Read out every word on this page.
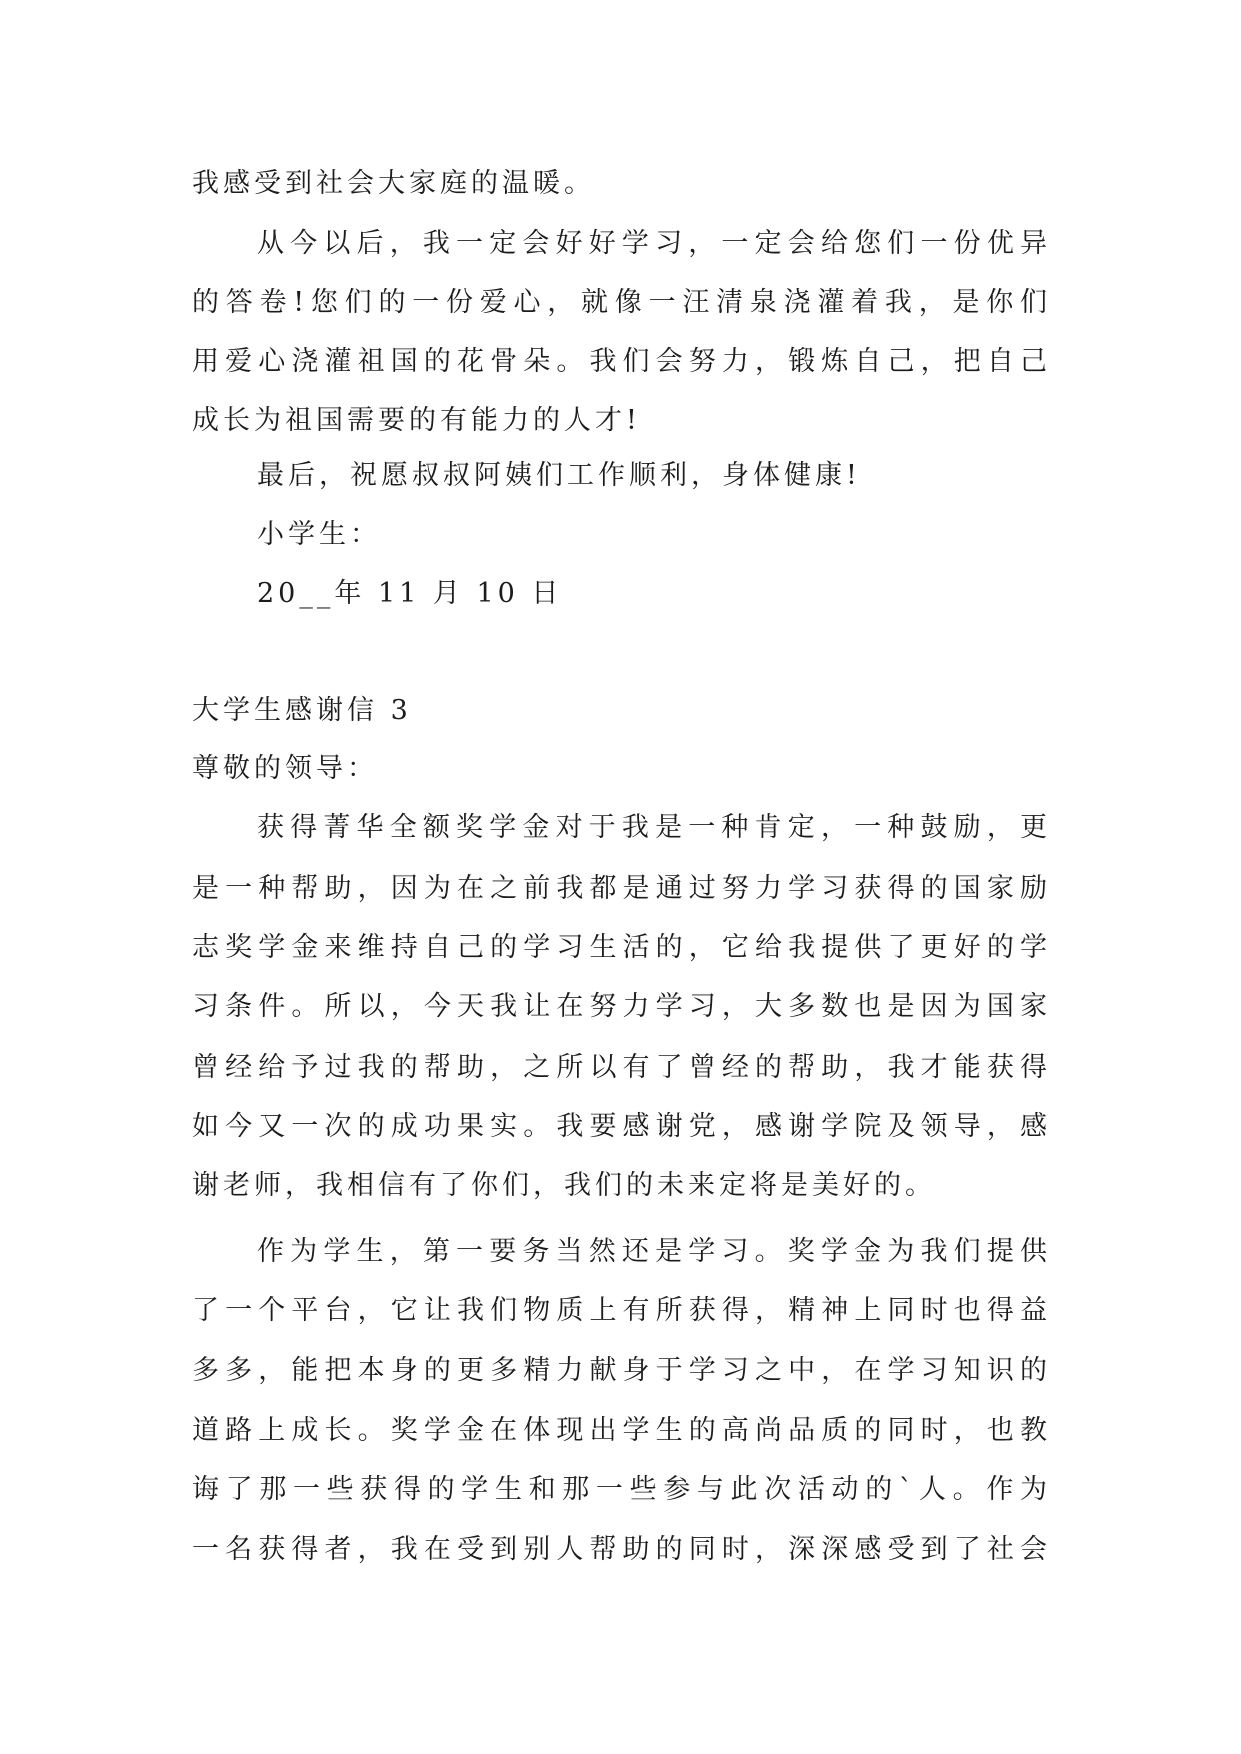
我感受到社会大家庭的温暖。
从今以后，我一定会好好学习，一定会给您们一份优异
的答卷!您们的一份爱心，就像一汪清泉浇灌着我，是你们
用爱心浇灌祖国的花骨朵。我们会努力，锻炼自己，把自己
成长为祖国需要的有能力的人才!
最后，祝愿叔叔阿姨们工作顺利，身体健康!
小学生：
20__年 11 月 10 日
大学生感谢信 3
尊敬的领导：
获得菁华全额奖学金对于我是一种肯定，一种鼓励，更
是一种帮助，因为在之前我都是通过努力学习获得的国家励
志奖学金来维持自己的学习生活的，它给我提供了更好的学
习条件。所以，今天我让在努力学习，大多数也是因为国家
曾经给予过我的帮助，之所以有了曾经的帮助，我才能获得
如今又一次的成功果实。我要感谢党，感谢学院及领导，感
谢老师，我相信有了你们，我们的未来定将是美好的。
作为学生，第一要务当然还是学习。奖学金为我们提供
了一个平台，它让我们物质上有所获得，精神上同时也得益
多多，能把本身的更多精力献身于学习之中，在学习知识的
道路上成长。奖学金在体现出学生的高尚品质的同时，也教
诲了那一些获得的学生和那一些参与此次活动的`人。作为
一名获得者，我在受到别人帮助的同时，深深感受到了社会
